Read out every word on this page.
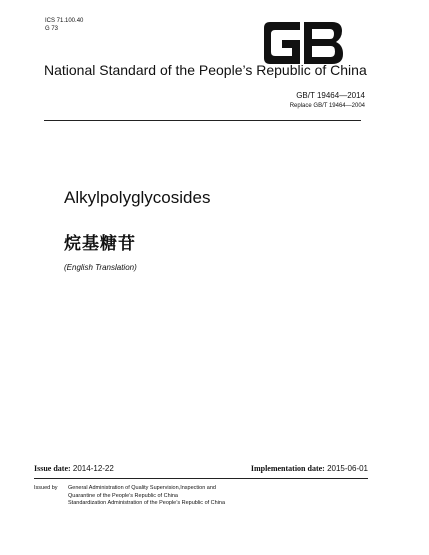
ICS 71.100.40
G 73
National Standard of the People’s Republic of China
GB/T 19464—2014
Replace GB/T 19464—2004
Alkylpolyglycosides
烷基糖苷
(English Translation)
Issue date: 2014-12-22	Implementation date: 2015-06-01
Issued by General Administration of Quality Supervision,Inspection and
Quarantine of the People’s Republic of China
Standardization Administration of the People’s Republic of China
